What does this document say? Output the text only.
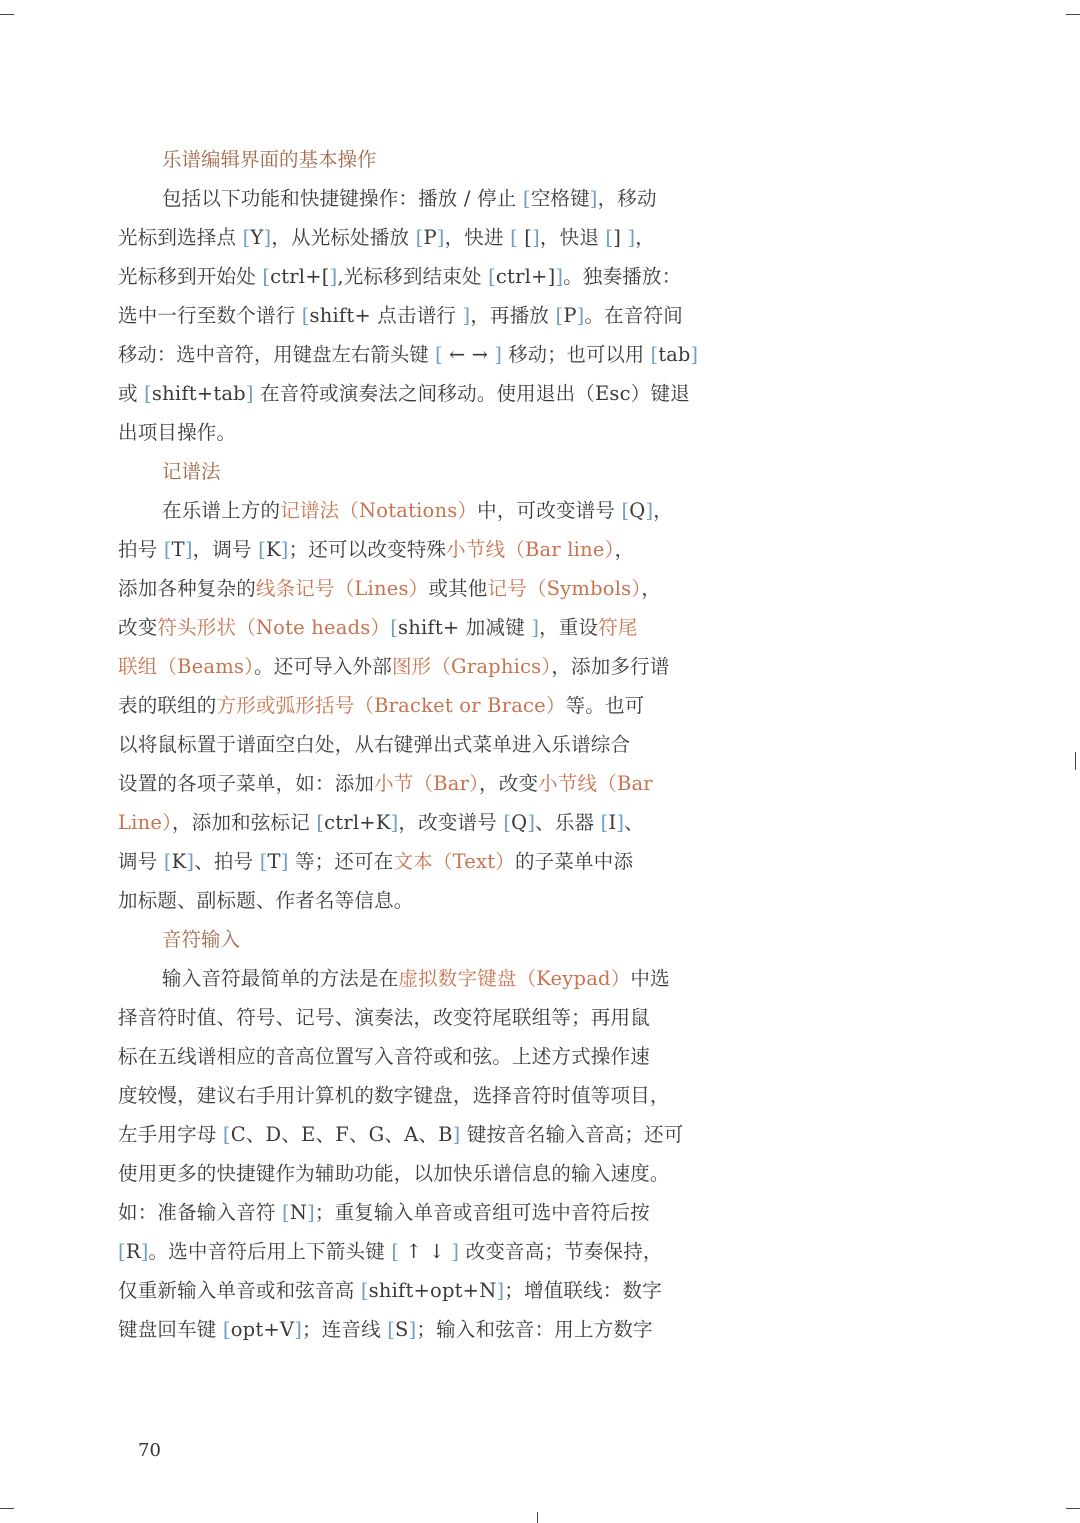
乐谱编辑界面的基本操作
包括以下功能和快捷键操作：播放 / 停止 [空格键]，移动
光标到选择点 [Y]，从光标处播放 [P]，快进 [ []，快退 [] ]，
光标移到开始处 [ctrl+[],光标移到结束处 [ctrl+]]。独奏播放：
选中一行至数个谱行 [shift+ 点击谱行 ]，再播放 [P]。在音符间
移动：选中音符，用键盘左右箭头键 [ ← → ] 移动；也可以用 [tab]
或 [shift+tab] 在音符或演奏法之间移动。使用退出（Esc）键退
出项目操作。
记谱法
在乐谱上方的记谱法（Notations）中，可改变谱号 [Q]，
拍号 [T]，调号 [K]；还可以改变特殊小节线（Bar line），
添加各种复杂的线条记号（Lines）或其他记号（Symbols），
改变符头形状（Note heads）[shift+ 加减键 ]，重设符尾
联组（Beams）。还可导入外部图形（Graphics），添加多行谱
表的联组的方形或弧形括号（Bracket or Brace）等。也可
以将鼠标置于谱面空白处，从右键弹出式菜单进入乐谱综合
设置的各项子菜单，如：添加小节（Bar），改变小节线（Bar
Line），添加和弦标记 [ctrl+K]，改变谱号 [Q]、乐器 [I]、
调号 [K]、拍号 [T] 等；还可在文本（Text）的子菜单中添
加标题、副标题、作者名等信息。
音符输入
输入音符最简单的方法是在虚拟数字键盘（Keypad）中选
择音符时值、符号、记号、演奏法，改变符尾联组等；再用鼠
标在五线谱相应的音高位置写入音符或和弦。上述方式操作速
度较慢，建议右手用计算机的数字键盘，选择音符时值等项目，
左手用字母 [C、D、E、F、G、A、B] 键按音名输入音高；还可
使用更多的快捷键作为辅助功能，以加快乐谱信息的输入速度。
如：准备输入音符 [N]；重复输入单音或音组可选中音符后按
[R]。选中音符后用上下箭头键 [ ↑ ↓ ] 改变音高；节奏保持，
仅重新输入单音或和弦音高 [shift+opt+N]；增值联线：数字
键盘回车键 [opt+V]；连音线 [S]；输入和弦音：用上方数字
70
